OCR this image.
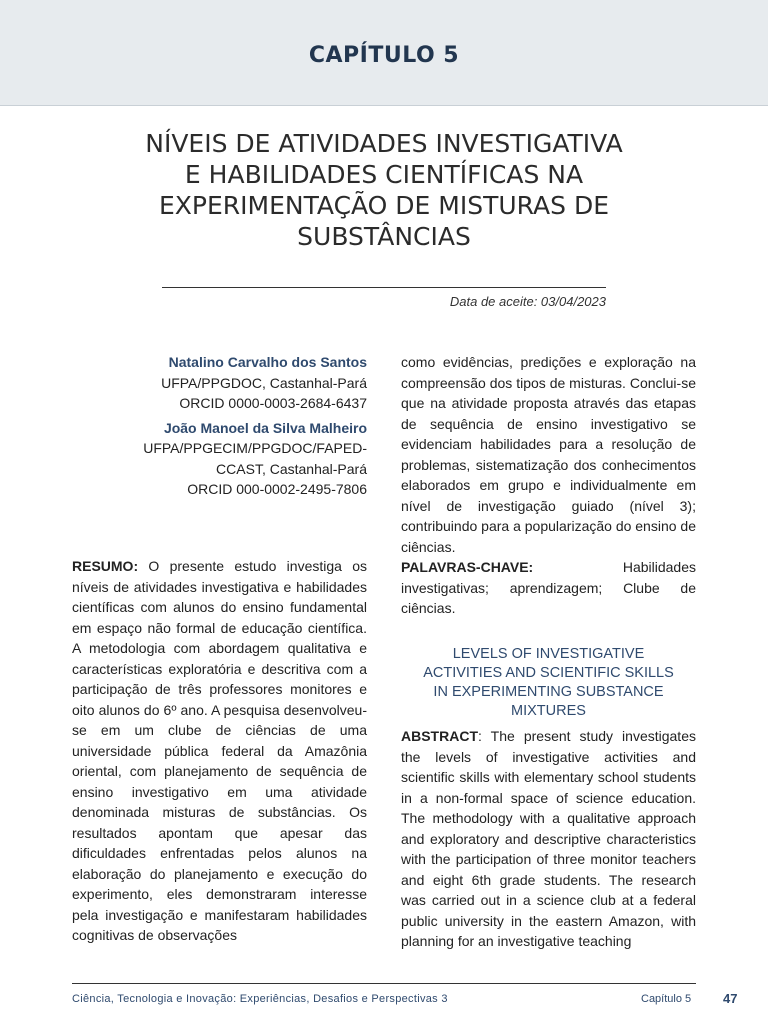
CAPÍTULO 5
NÍVEIS DE ATIVIDADES INVESTIGATIVA
E HABILIDADES CIENTÍFICAS NA
EXPERIMENTAÇÃO DE MISTURAS DE
SUBSTÂNCIAS
Data de aceite: 03/04/2023
Natalino Carvalho dos Santos
UFPA/PPGDOC, Castanhal-Pará
ORCID 0000-0003-2684-6437
João Manoel da Silva Malheiro
UFPA/PPGECIM/PPGDOC/FAPED-
CCAST, Castanhal-Pará
ORCID 000-0002-2495-7806

RESUMO: O presente estudo investiga os níveis de atividades investigativa e habilidades científicas com alunos do ensino fundamental em espaço não formal de educação científica. A metodologia com abordagem qualitativa e características exploratória e descritiva com a participação de três professores monitores e oito alunos do 6º ano. A pesquisa desenvolveu-se em um clube de ciências de uma universidade pública federal da Amazônia oriental, com planejamento de sequência de ensino investigativo em uma atividade denominada misturas de substâncias. Os resultados apontam que apesar das dificuldades enfrentadas pelos alunos na elaboração do planejamento e execução do experimento, eles demonstraram interesse pela investigação e manifestaram habilidades cognitivas de observações

como evidências, predições e exploração na compreensão dos tipos de misturas. Conclui-se que na atividade proposta através das etapas de sequência de ensino investigativo se evidenciam habilidades para a resolução de problemas, sistematização dos conhecimentos elaborados em grupo e individualmente em nível de investigação guiado (nível 3); contribuindo para a popularização do ensino de ciências.

PALAVRAS-CHAVE:	Habilidades investigativas; aprendizagem; Clube de ciências.

LEVELS OF INVESTIGATIVE
ACTIVITIES AND SCIENTIFIC SKILLS
IN EXPERIMENTING SUBSTANCE
MIXTURES

ABSTRACT: The present study investigates the levels of investigative activities and scientific skills with elementary school students in a non-formal space of science education. The methodology with a qualitative approach and exploratory and descriptive characteristics with the participation of three monitor teachers and eight 6th grade students. The research was carried out in a science club at a federal public university in the eastern Amazon, with planning for an investigative teaching

Ciência, Tecnologia e Inovação: Experiências, Desafios e Perspectivas 3	Capítulo 5 47
